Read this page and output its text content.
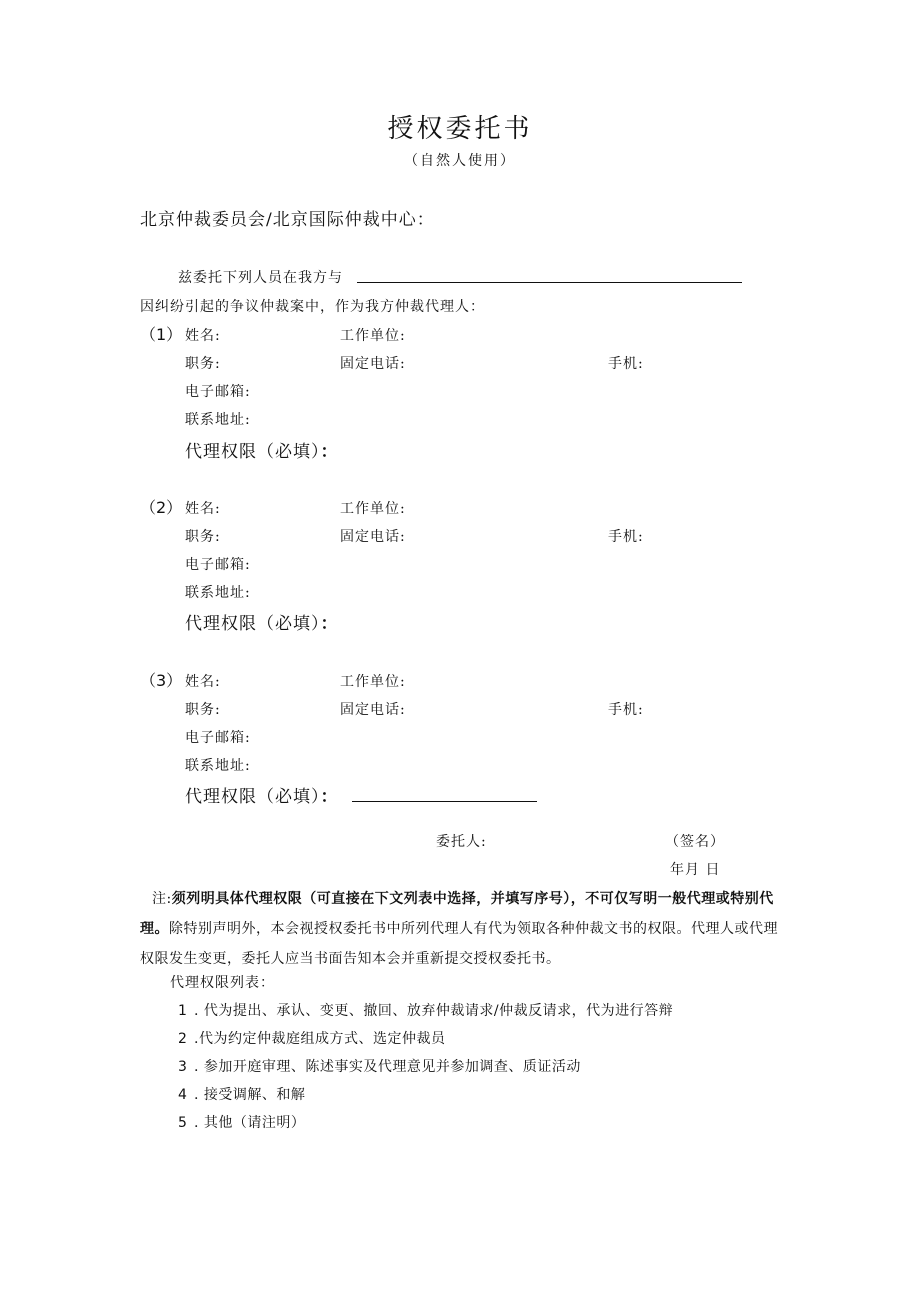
授权委托书
（自然人使用）
北京仲裁委员会/北京国际仲裁中心：
兹委托下列人员在我方与
因纠纷引起的争议仲裁案中，作为我方仲裁代理人：
（1） 姓名:	工作单位:
职务:	固定电话:	手机:
电子邮箱:
联系地址:
代理权限（必填）：
（2） 姓名:	工作单位:
职务:	固定电话:	手机:
电子邮箱:
联系地址:
代理权限（必填）：
（3） 姓名:	工作单位:
职务:	固定电话:	手机:
电子邮箱:
联系地址:
代理权限（必填）：
委托人:	（签名）
年月 日
注:须列明具体代理权限（可直接在下文列表中选择，并填写序号），不可仅写明一般代理或特别代理。除特别声明外，本会视授权委托书中所列代理人有代为领取各种仲裁文书的权限。代理人或代理权限发生变更，委托人应当书面告知本会并重新提交授权委托书。
代理权限列表：
1 . 代为提出、承认、变更、撤回、放弃仲裁请求/仲裁反请求，代为进行答辩
2 .代为约定仲裁庭组成方式、选定仲裁员
3 . 参加开庭审理、陈述事实及代理意见并参加调查、质证活动
4 . 接受调解、和解
5 . 其他（请注明）
